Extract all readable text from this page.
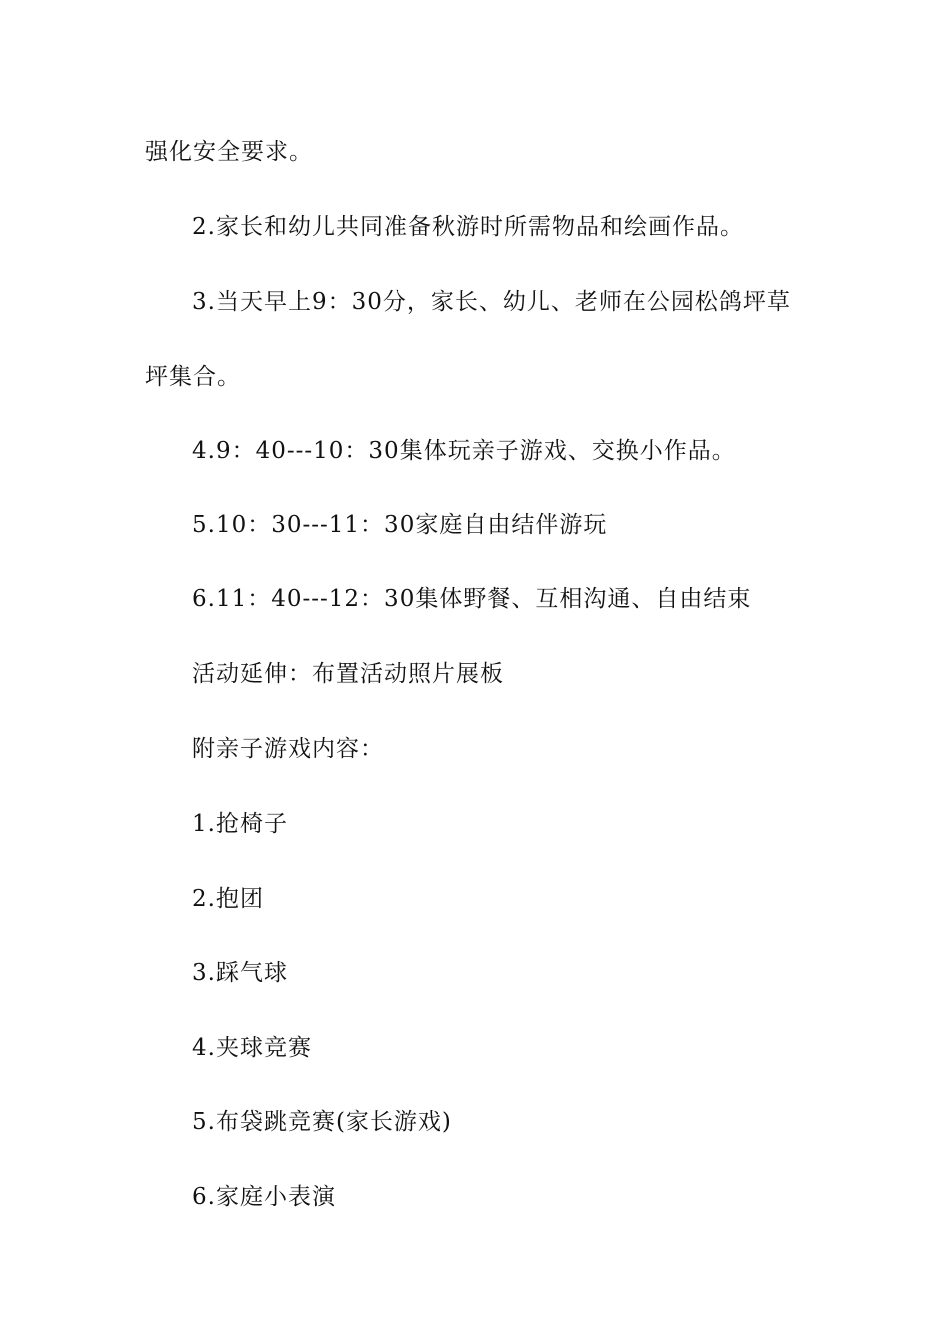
强化安全要求。
2.家长和幼儿共同准备秋游时所需物品和绘画作品。
3.当天早上9：30分，家长、幼儿、老师在公园松鸽坪草
坪集合。
4.9：40---10：30集体玩亲子游戏、交换小作品。
5.10：30---11：30家庭自由结伴游玩
6.11：40---12：30集体野餐、互相沟通、自由结束
活动延伸：布置活动照片展板
附亲子游戏内容：
1.抢椅子
2.抱团
3.踩气球
4.夹球竞赛
5.布袋跳竞赛(家长游戏)
6.家庭小表演
